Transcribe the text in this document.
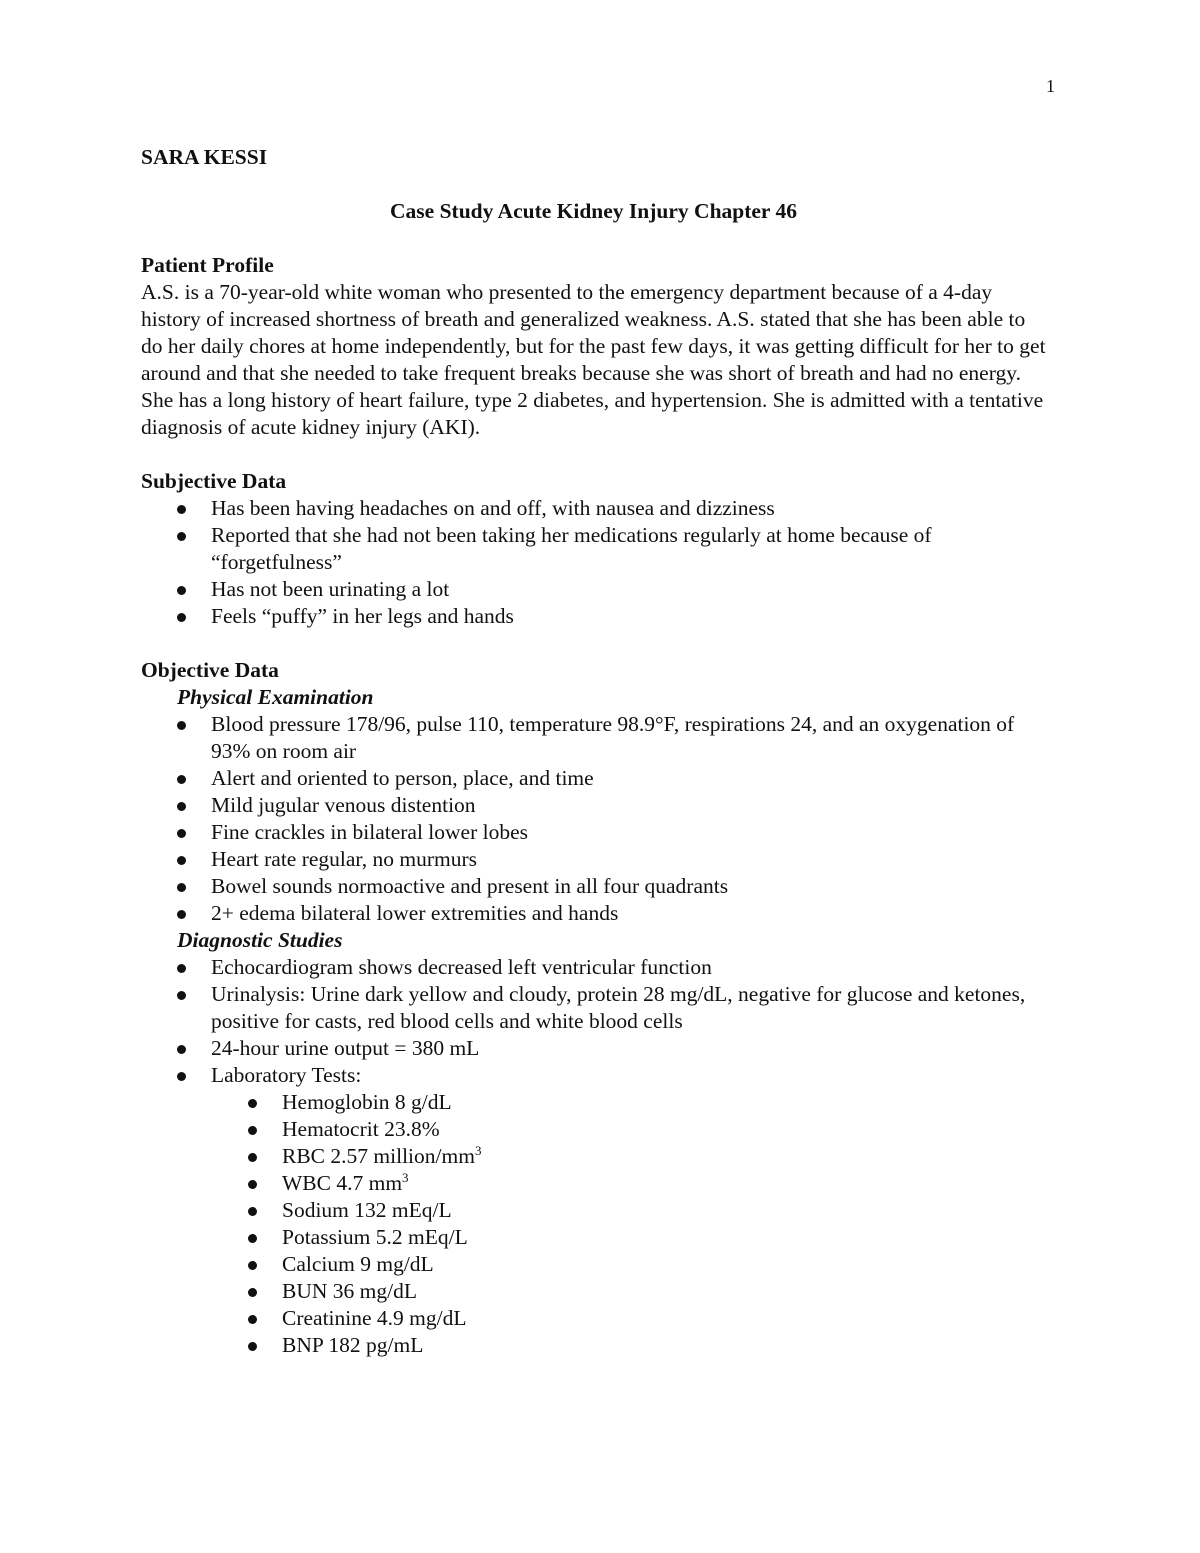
1

SARA KESSI

Case Study Acute Kidney Injury Chapter 46

Patient Profile

A.S. is a 70-year-old white woman who presented to the emergency department because of a 4-day history of increased shortness of breath and generalized weakness. A.S. stated that she has been able to do her daily chores at home independently, but for the past few days, it was getting difficult for her to get around and that she needed to take frequent breaks because she was short of breath and had no energy. She has a long history of heart failure, type 2 diabetes, and hypertension. She is admitted with a tentative diagnosis of acute kidney injury (AKI).

Subjective Data

Has been having headaches on and off, with nausea and dizziness
Reported that she had not been taking her medications regularly at home because of “forgetfulness”
Has not been urinating a lot
Feels “puffy” in her legs and hands

Objective Data

Physical Examination

Blood pressure 178/96, pulse 110, temperature 98.9°F, respirations 24, and an oxygenation of 93% on room air
Alert and oriented to person, place, and time
Mild jugular venous distention
Fine crackles in bilateral lower lobes
Heart rate regular, no murmurs
Bowel sounds normoactive and present in all four quadrants
2+ edema bilateral lower extremities and hands

Diagnostic Studies

Echocardiogram shows decreased left ventricular function
Urinalysis: Urine dark yellow and cloudy, protein 28 mg/dL, negative for glucose and ketones, positive for casts, red blood cells and white blood cells
24-hour urine output = 380 mL
Laboratory Tests:
Hemoglobin 8 g/dL
Hematocrit 23.8%
RBC 2.57 million/$mm^3$
WBC 4.7 $mm^3$
Sodium 132 mEq/L
Potassium 5.2 mEq/L
Calcium 9 mg/dL
BUN 36 mg/dL
Creatinine 4.9 mg/dL
BNP 182 pg/mL
